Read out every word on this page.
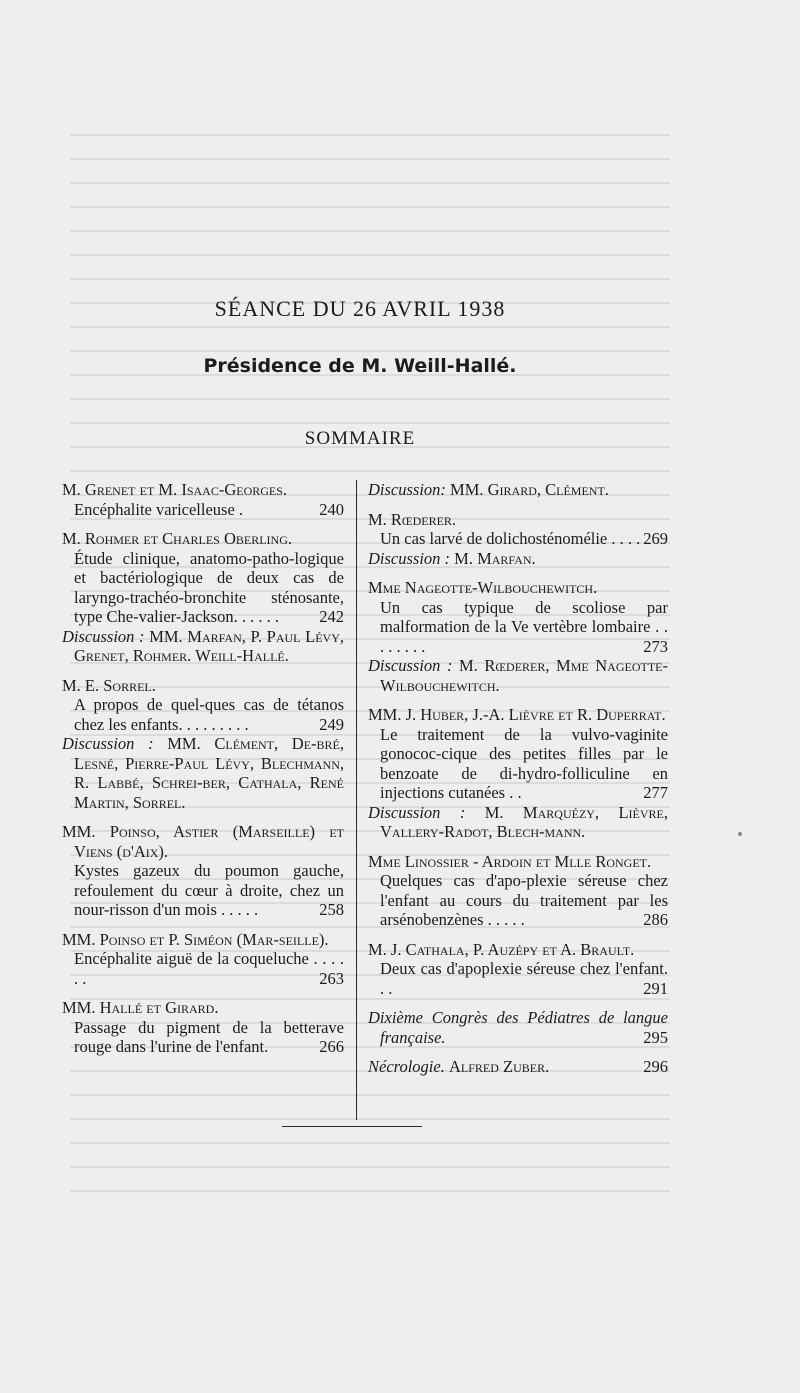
SÉANCE DU 26 AVRIL 1938
Présidence de M. Weill-Hallé.
SOMMAIRE
M. Grenet et M. Isaac-Georges.
Encéphalite varicelleuse .	240
M. Rohmer et Charles Oberling.
Étude clinique, anatomo-patho-logique et bactériologique de deux cas de laryngo-trachéo-bronchite sténosante, type Che-valier-Jackson. . . . . . 242

Discussion : MM. Marfan, P. Paul Lévy, Grenet, Rohmer. Weill-Hallé.

M. E. Sorrel.
A propos de quel-ques cas de tétanos chez les enfants. . . . . . . . .	249

Discussion : MM. Clément, De-bré, Lesné, Pierre-Paul Lévy, Blechmann, R. Labbé, Schrei-ber, Cathala, René Martin, Sorrel.

MM. Poinso, Astier (Marseille) et Viens (d'Aix).
Kystes gazeux du poumon gauche, refoulement du cœur à droite, chez un nour-risson d'un mois . . . . .	258
MM. Poinso et P. Siméon (Mar-seille).
Encéphalite aiguë de la coqueluche . . . . . .	263
MM. Hallé et Girard.
Passage du pigment de la betterave rouge dans l'urine de l'enfant.	266
Discussion: MM. Girard, Clément.
M. Rœderer.
Un cas larvé de dolichosténomélie . . . . 269

Discussion : M. Marfan.

Mme Nageotte-Wilbouchewitch.
Un cas typique de scoliose par malformation de la Ve vertèbre lombaire . . . . . . . .	273

Discussion : M. Rœderer, Mme Nageotte-Wilbouchewitch.

MM. J. Huber, J.-A. Lièvre et R. Duperrat.
Le traitement de la vulvo-vaginite gonococ-cique des petites filles par le benzoate de di-hydro-folliculine en injections cutanées . .	277

Discussion : M. Marquézy, Lièvre, Vallery-Radot, Blech-mann.

Mme Linossier - Ardoin et Mlle Ronget.
Quelques cas d'apo-plexie séreuse chez l'enfant au cours du traitement par les arsénobenzènes . . . . .	286
M. J. Cathala, P. Auzépy et A. Brault.
Deux cas d'apoplexie séreuse chez l'enfant. . .	291
Dixième Congrès des Pédiatres de langue française.	295
Nécrologie. Alfred Zuber.	296
